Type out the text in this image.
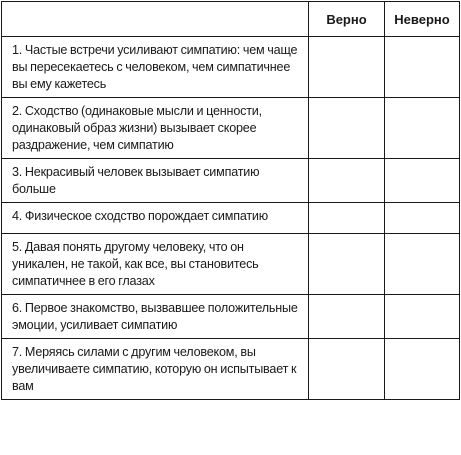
	Верно	Неверно

1. Частые встречи усиливают симпатию: чем чаще вы пересекаетесь с человеком, чем симпатичнее вы ему кажетесь		

2. Сходство (одинаковые мысли и ценности, одинаковый образ жизни) вызывает скорее раздражение, чем симпатию		

3. Некрасивый человек вызывает симпатию больше		

4. Физическое сходство порождает симпатию		

5. Давая понять другому человеку, что он уникален, не такой, как все, вы становитесь симпатичнее в его глазах		

6. Первое знакомство, вызвавшее положительные эмоции, усиливает симпатию		

7. Меряясь силами с другим человеком, вы увеличиваете симпатию, которую он испытывает к вам		
